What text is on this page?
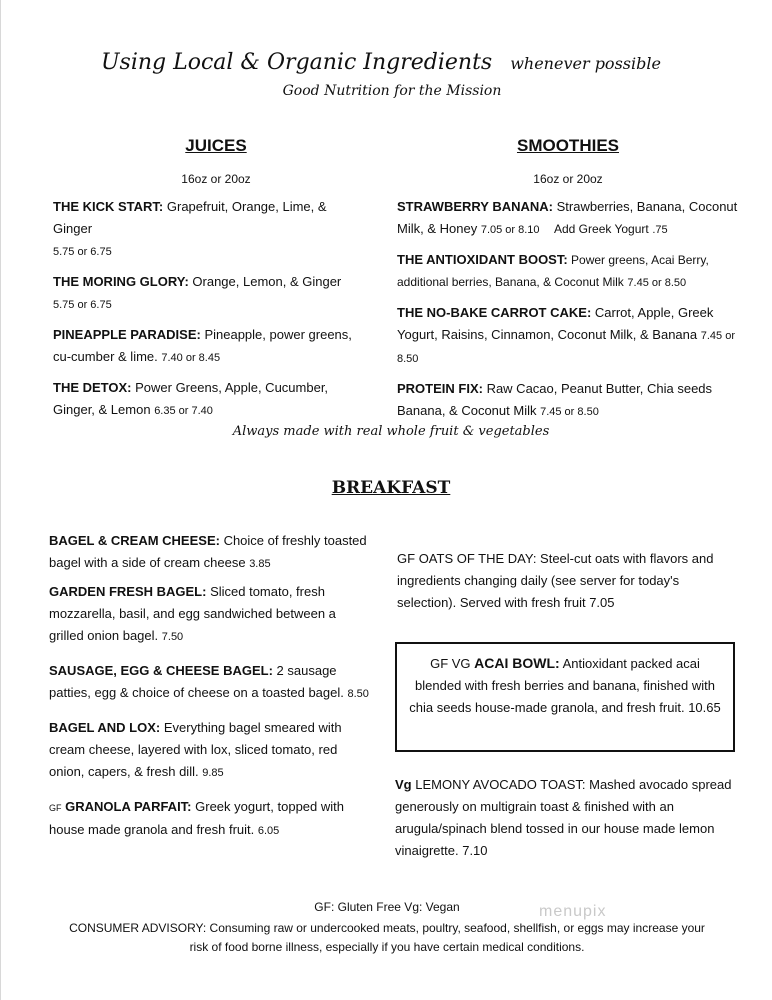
Using Local & Organic Ingredients whenever possible
Good Nutrition for the Mission
JUICES
16oz or 20oz
THE KICK START: Grapefruit, Orange, Lime, & Ginger
5.75 or 6.75
THE MORING GLORY: Orange, Lemon, & Ginger
5.75 or 6.75
PINEAPPLE PARADISE: Pineapple, power greens, cu-cumber & lime. 7.40 or 8.45
THE DETOX: Power Greens, Apple, Cucumber, Ginger, & Lemon 6.35 or 7.40
SMOOTHIES
16oz or 20oz
STRAWBERRY BANANA: Strawberries, Banana, Coconut Milk, & Honey 7.05 or 8.10 Add Greek Yogurt .75
THE ANTIOXIDANT BOOST: Power greens, Acai Berry, additional berries, Banana, & Coconut Milk 7.45 or 8.50
THE NO-BAKE CARROT CAKE: Carrot, Apple, Greek Yogurt, Raisins, Cinnamon, Coconut Milk, & Banana 7.45 or 8.50
PROTEIN FIX: Raw Cacao, Peanut Butter, Chia seeds Banana, & Coconut Milk 7.45 or 8.50
Always made with real whole fruit & vegetables
BREAKFAST
BAGEL & CREAM CHEESE: Choice of freshly toasted bagel with a side of cream cheese 3.85
GARDEN FRESH BAGEL: Sliced tomato, fresh mozzarella, basil, and egg sandwiched between a grilled onion bagel. 7.50
SAUSAGE, EGG & CHEESE BAGEL: 2 sausage patties, egg & choice of cheese on a toasted bagel. 8.50
BAGEL AND LOX: Everything bagel smeared with cream cheese, layered with lox, sliced tomato, red onion, capers, & fresh dill. 9.85
GF GRANOLA PARFAIT: Greek yogurt, topped with house made granola and fresh fruit. 6.05
GF OATS OF THE DAY: Steel-cut oats with flavors and ingredients changing daily (see server for today's selection). Served with fresh fruit 7.05
GF VG ACAI BOWL: Antioxidant packed acai blended with fresh berries and banana, finished with chia seeds house-made granola, and fresh fruit. 10.65
Vg LEMONY AVOCADO TOAST: Mashed avocado spread generously on multigrain toast & finished with an arugula/spinach blend tossed in our house made lemon vinaigrette. 7.10
GF: Gluten Free Vg: Vegan
CONSUMER ADVISORY: Consuming raw or undercooked meats, poultry, seafood, shellfish, or eggs may increase your risk of food borne illness, especially if you have certain medical conditions.
menupix
